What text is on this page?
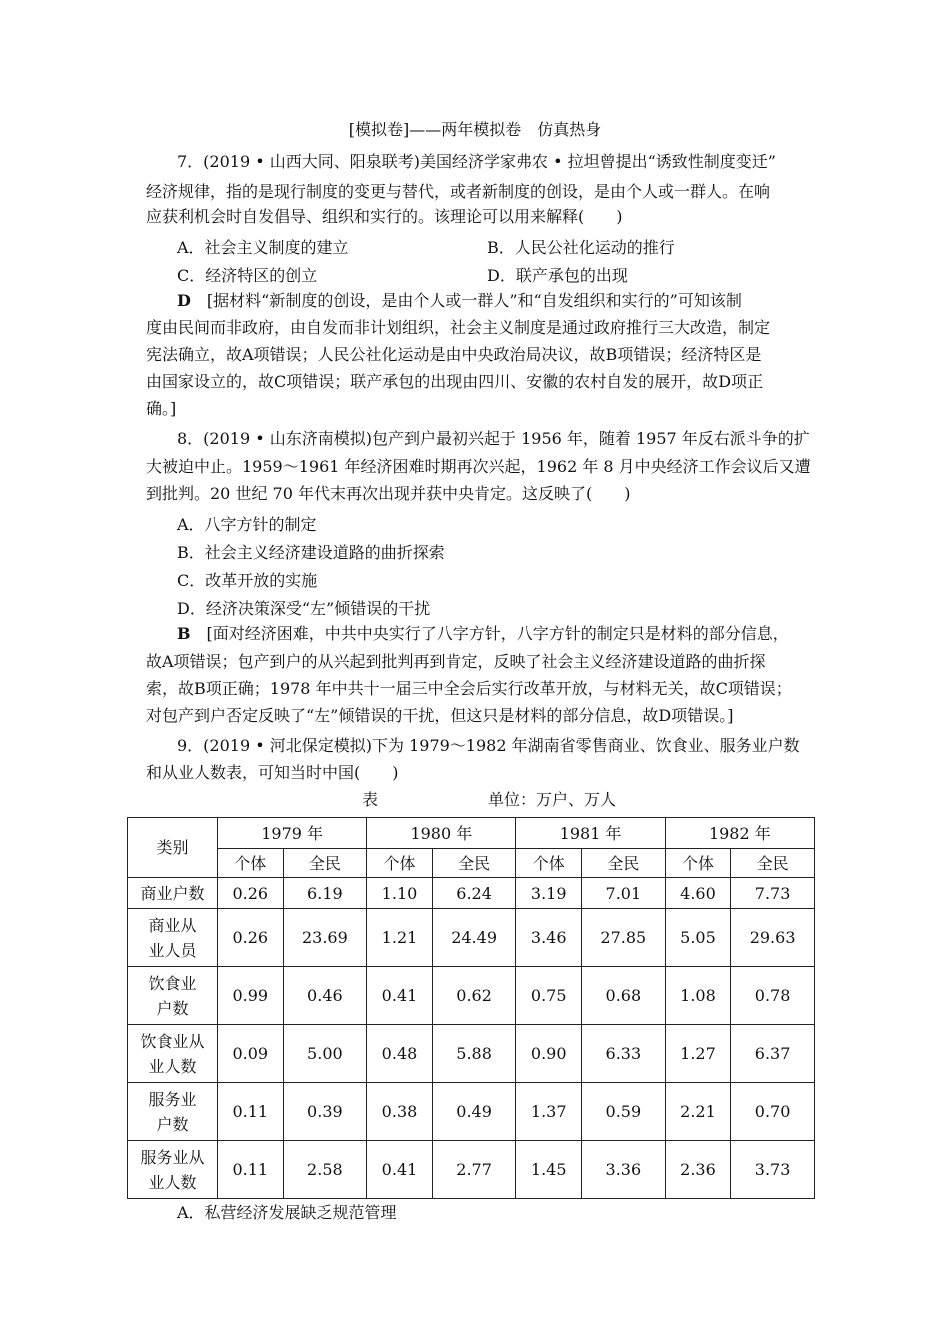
[模拟卷]——两年模拟卷　仿真热身
7．(2019 • 山西大同、阳泉联考)美国经济学家弗农 • 拉坦曾提出“诱致性制度变迁”
经济规律，指的是现行制度的变更与替代，或者新制度的创设，是由个人或一群人。在响
应获利机会时自发倡导、组织和实行的。该理论可以用来解释(　　)
A．社会主义制度的建立	B．人民公社化运动的推行
C．经济特区的创立	D．联产承包的出现
D　 [据材料“新制度的创设，是由个人或一群人”和“自发组织和实行的”可知该制
度由民间而非政府，由自发而非计划组织，社会主义制度是通过政府推行三大改造，制定
宪法确立，故A项错误；人民公社化运动是由中央政治局决议，故B项错误；经济特区是
由国家设立的，故C项错误；联产承包的出现由四川、安徽的农村自发的展开，故D项正
确。]
8．(2019 • 山东济南模拟)包产到户最初兴起于 1956 年，随着 1957 年反右派斗争的扩
大被迫中止。1959～1961 年经济困难时期再次兴起，1962 年 8 月中央经济工作会议后又遭
到批判。20 世纪 70 年代末再次出现并获中央肯定。这反映了(　　)
A．八字方针的制定
B．社会主义经济建设道路的曲折探索
C．改革开放的实施
D．经济决策深受“左”倾错误的干扰
B　 [面对经济困难，中共中央实行了八字方针，八字方针的制定只是材料的部分信息，
故A项错误；包产到户的从兴起到批判再到肯定，反映了社会主义经济建设道路的曲折探
索，故B项正确；1978 年中共十一届三中全会后实行改革开放，与材料无关，故C项错误；
对包产到户否定反映了“左”倾错误的干扰，但这只是材料的部分信息，故D项错误。]
9．(2019 • 河北保定模拟)下为 1979～1982 年湖南省零售商业、饮食业、服务业户数
和从业人数表，可知当时中国(　　)
表	单位：万户、万人
类别	1979 年		1980 年		1981 年		1982 年	
	个体	全民	个体	全民	个体	全民	个体	全民
商业户数	0.26	6.19	1.10	6.24	3.19	7.01	4.60	7.73

商业从
业人员	0.26	23.69	1.21	24.49	3.46	27.85	5.05	29.63

饮食业
户数	0.99	0.46	0.41	0.62	0.75	0.68	1.08	0.78

饮食业从
业人数	0.09	5.00	0.48	5.88	0.90	6.33	1.27	6.37

服务业
户数	0.11	0.39	0.38	0.49	1.37	0.59	2.21	0.70

服务业从
业人数	0.11	2.58	0.41	2.77	1.45	3.36	2.36	3.73
A．私营经济发展缺乏规范管理
